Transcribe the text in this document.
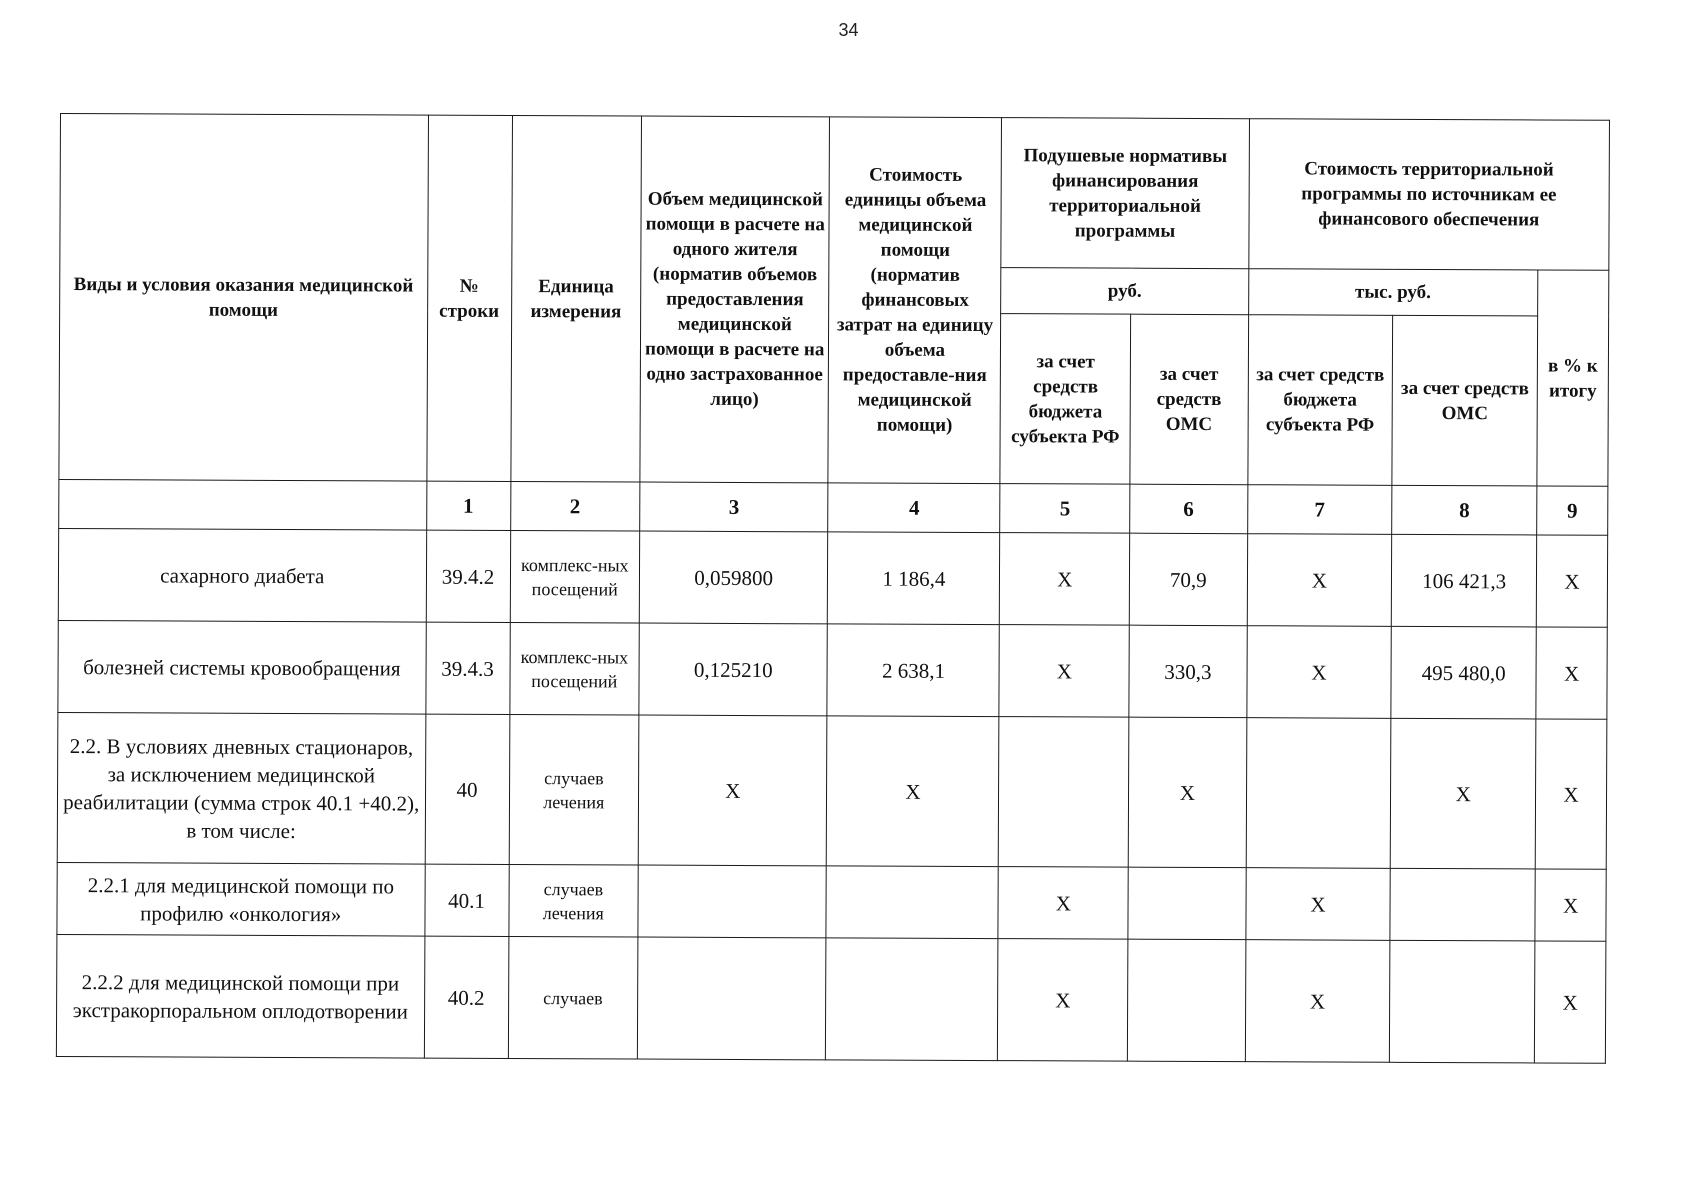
34
Виды и условия оказания медицинской помощи	№ строки	Единица измерения	Объем медицинской помощи в расчете на одного жителя (норматив объемов предоставления медицинской помощи в расчете на одно застрахованное лицо)	Стоимость единицы объема медицинской помощи (норматив финансовых затрат на единицу объема предоставле-ния медицинской помощи)	Подушевые нормативы финансирования территориальной программы		Стоимость территориальной программы по источникам ее финансового обеспечения		
					руб.		тыс. руб.		в % к итогу
					за счет средств бюджета субъекта РФ	за счет средств ОМС	за счет средств бюджета субъекта РФ	за счет средств ОМС	
	1	2	3	4	5	6	7	8	9
сахарного диабета	39.4.2	комплекс-ных посещений	0,059800	1 186,4	X	70,9	X	106 421,3	X
болезней системы кровообращения	39.4.3	комплекс-ных посещений	0,125210	2 638,1	X	330,3	X	495 480,0	X
2.2. В условиях дневных стационаров, за исключением медицинской реабилитации (сумма строк 40.1 +40.2), в том числе:	40	случаев лечения	X	X		X		X	X
2.2.1 для медицинской помощи по профилю «онкология»	40.1	случаев лечения			X		X		X
2.2.2 для медицинской помощи при экстракорпоральном оплодотворении	40.2	случаев			X		X		X
